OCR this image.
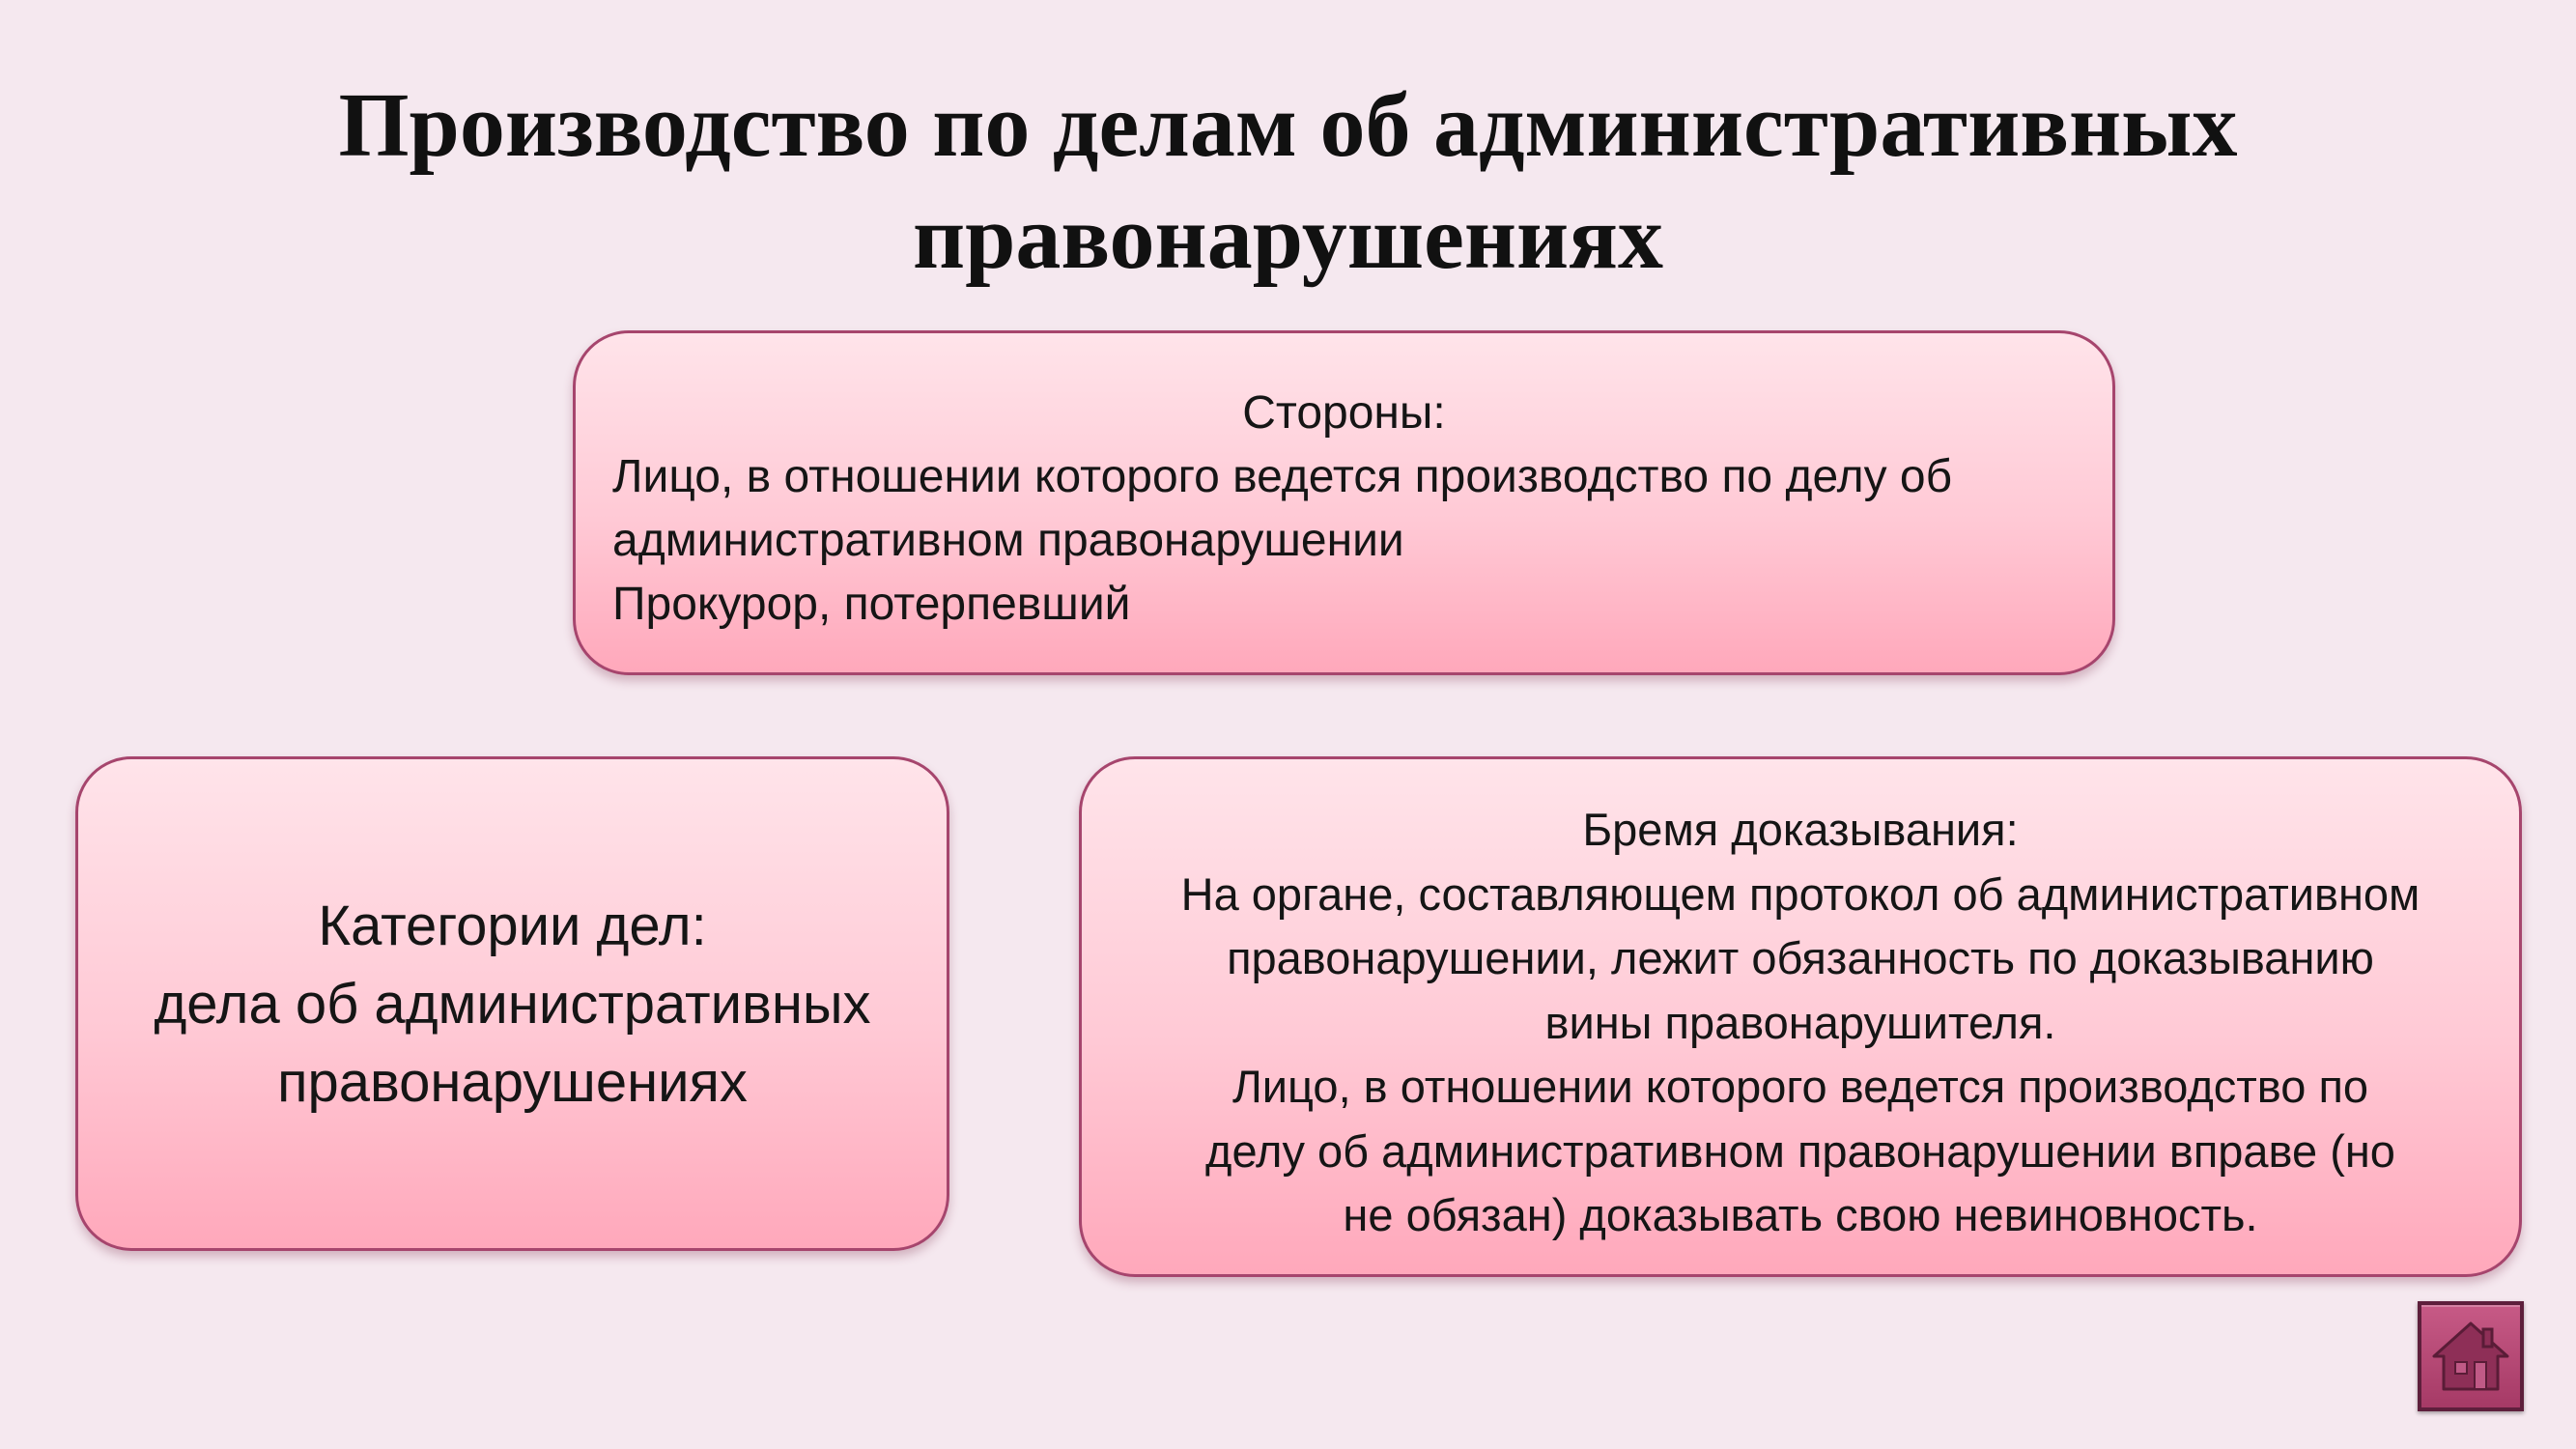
Производство по делам об административных
правонарушениях
Стороны:
Лицо, в отношении которого ведется производство по делу об
административном правонарушении
Прокурор, потерпевший
Категории дел:
дела об административных
правонарушениях
Бремя доказывания:
На органе, составляющем протокол об административном
правонарушении, лежит обязанность по доказыванию
вины правонарушителя.
Лицо, в отношении которого ведется производство по
делу об административном правонарушении вправе (но
не обязан) доказывать свою невиновность.
